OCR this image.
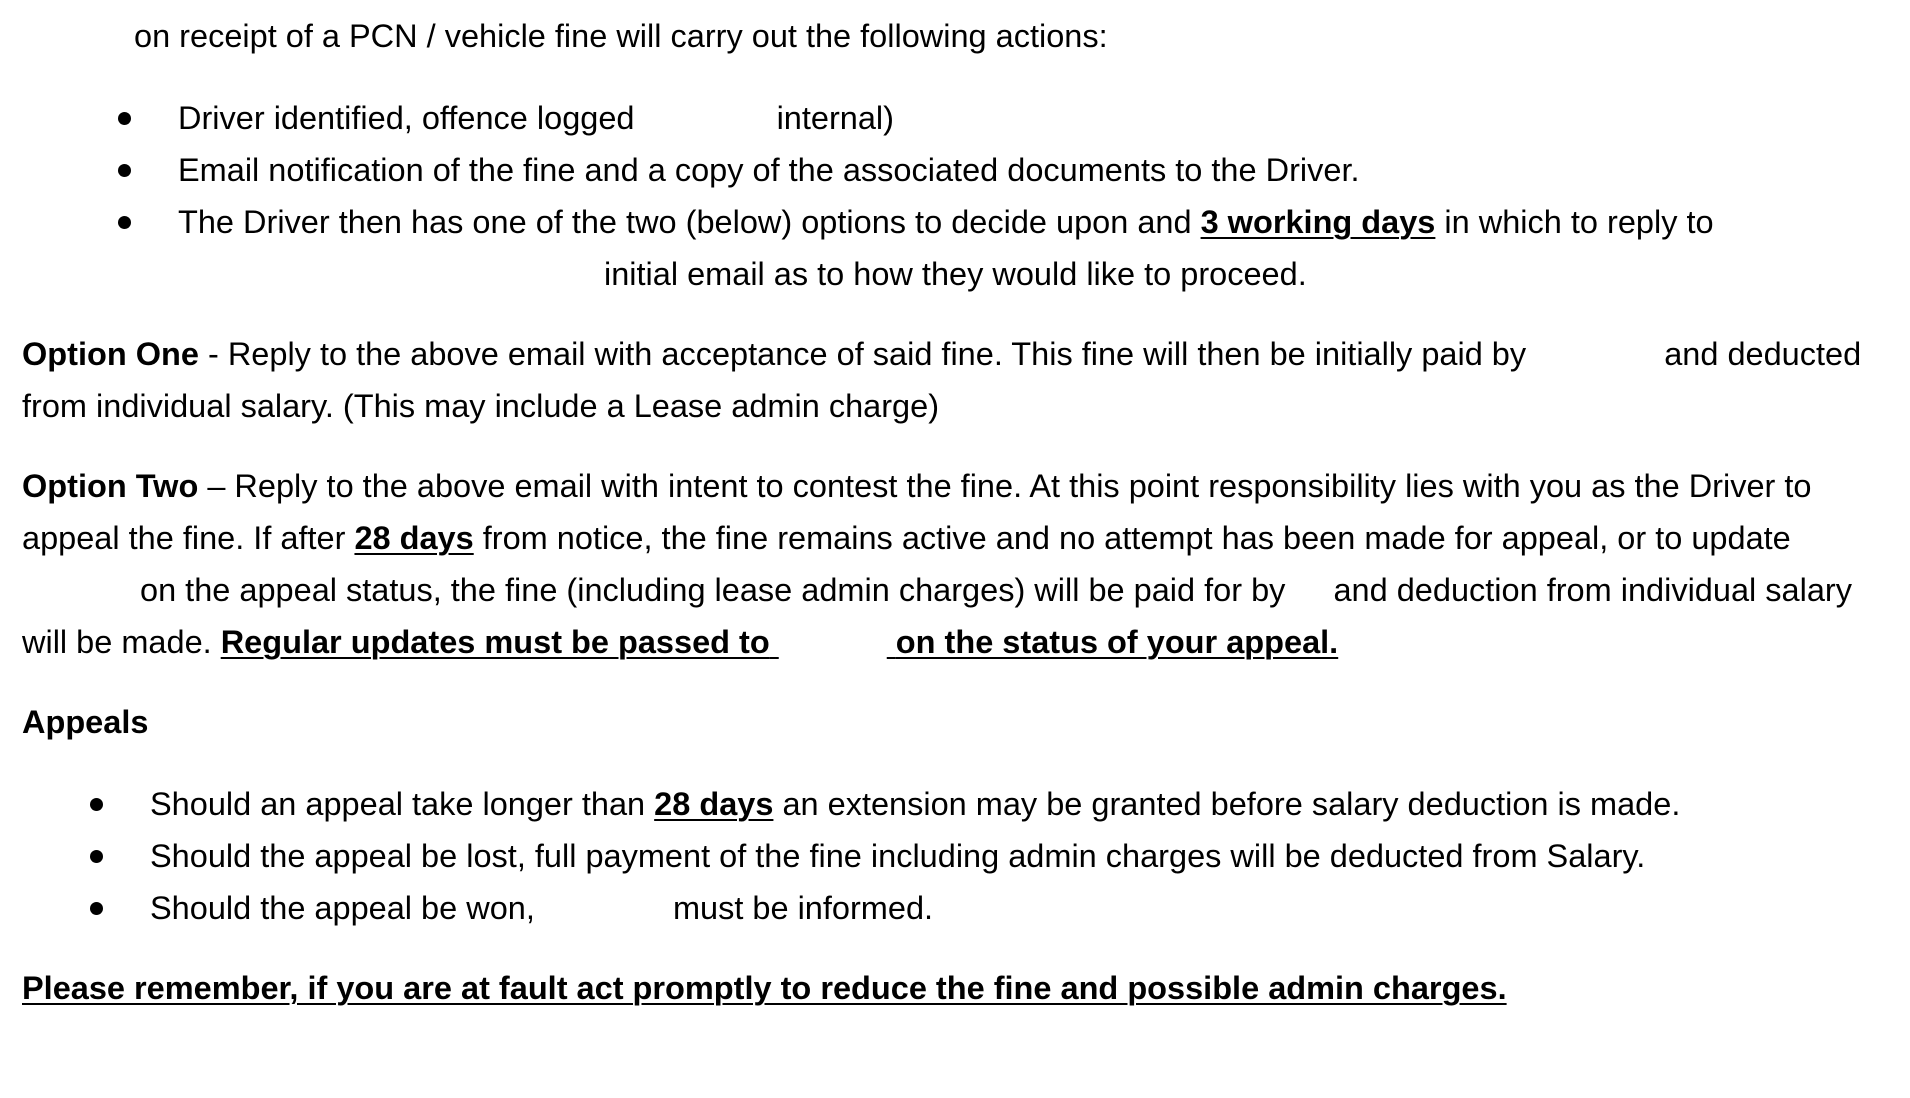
on receipt of a PCN / vehicle fine will carry out the following actions:

Driver identified, offence logged	internal)
Email notification of the fine and a copy of the associated documents to the Driver.
The Driver then has one of the two (below) options to decide upon and 3 working days in which to reply to
initial email as to how they would like to proceed.

Option One - Reply to the above email with acceptance of said fine. This fine will then be initially paid by	and deducted from individual salary. (This may include a Lease admin charge)

Option Two – Reply to the above email with intent to contest the fine. At this point responsibility lies with you as the Driver to appeal the fine. If after 28 days from notice, the fine remains active and no attempt has been made for appeal, or to update on the appeal status, the fine (including lease admin charges) will be paid for by and deduction from individual salary will be made. Regular updates must be passed to	on the status of your appeal.

Appeals

Should an appeal take longer than 28 days an extension may be granted before salary deduction is made.
Should the appeal be lost, full payment of the fine including admin charges will be deducted from Salary.
Should the appeal be won,	must be informed.

Please remember, if you are at fault act promptly to reduce the fine and possible admin charges.
